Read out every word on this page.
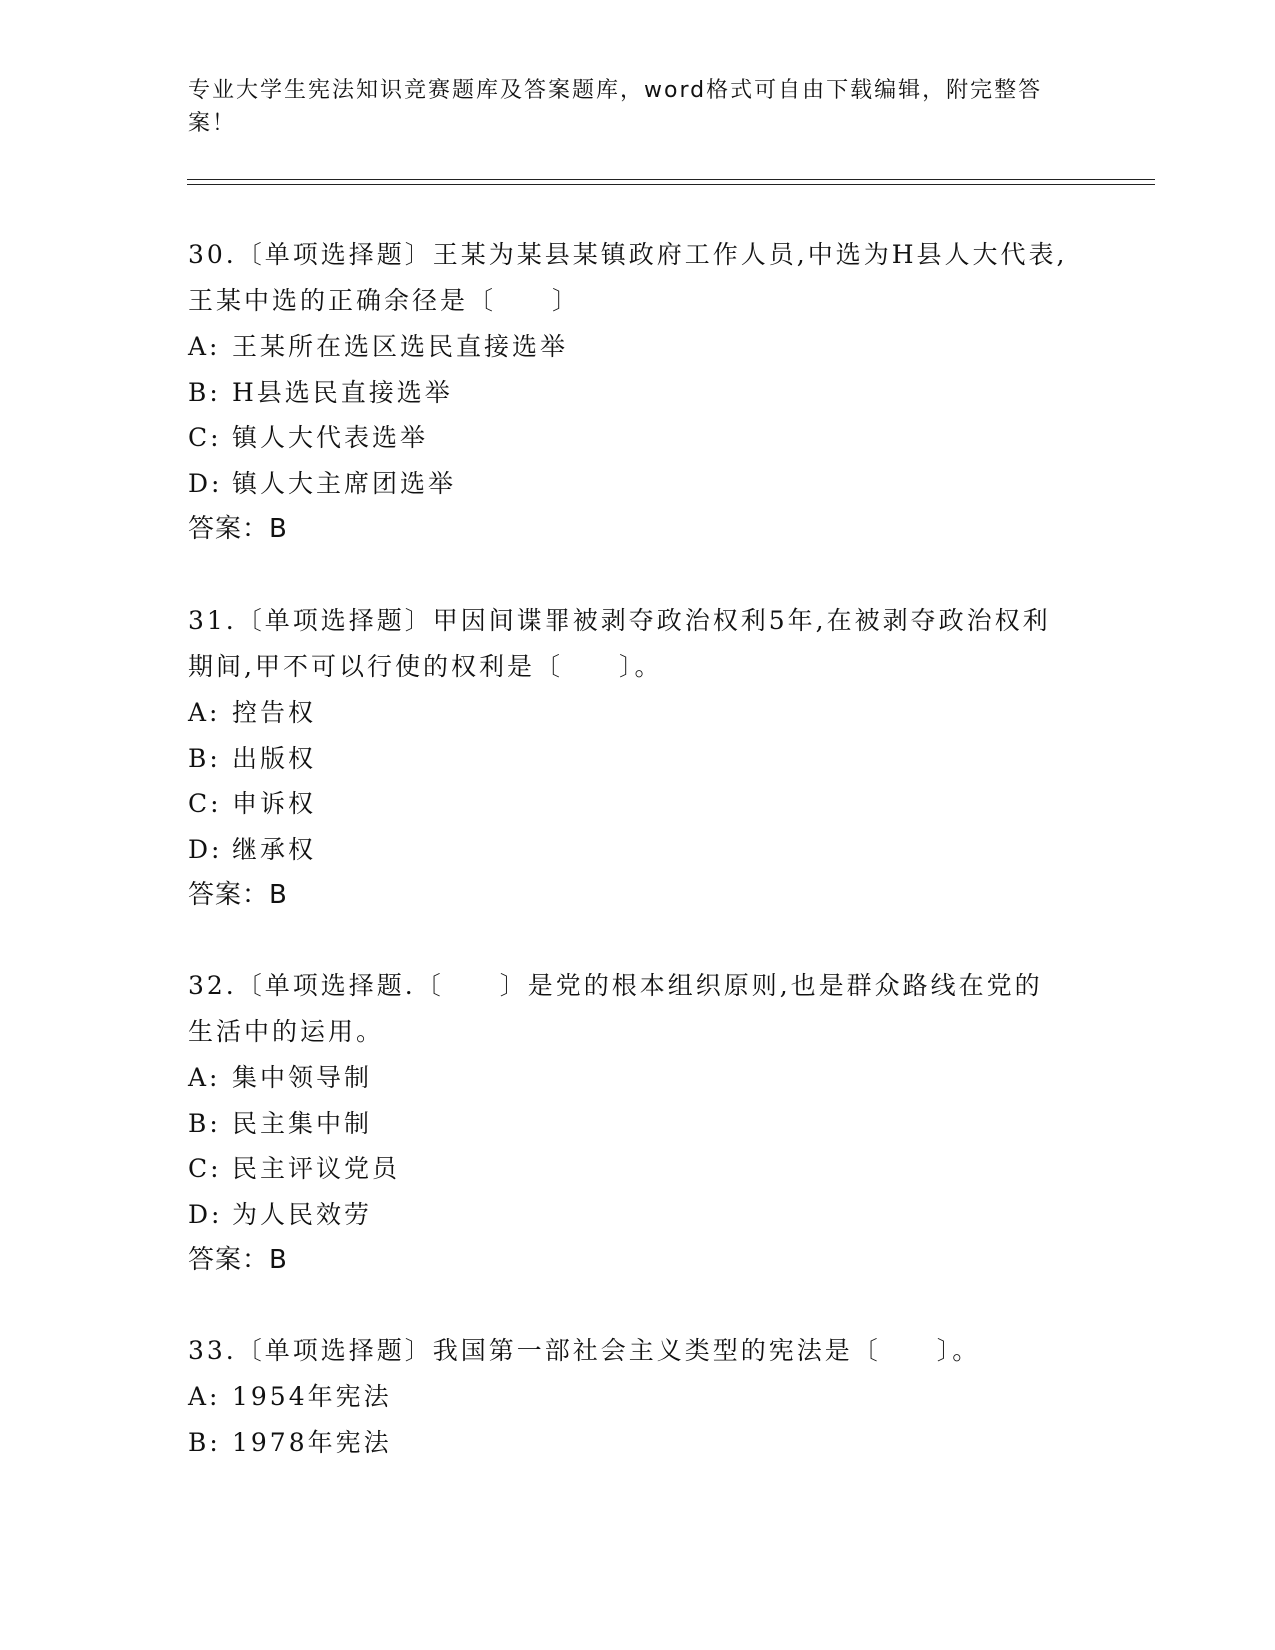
专业大学生宪法知识竞赛题库及答案题库，word格式可自由下载编辑，附完整答案！

30.〔单项选择题〕王某为某县某镇政府工作人员,中选为H县人大代表,王某中选的正确余径是〔　　〕

A: 王某所在选区选民直接选举

B: H县选民直接选举

C: 镇人大代表选举

D: 镇人大主席团选举

答案：B

31.〔单项选择题〕甲因间谍罪被剥夺政治权利5年,在被剥夺政治权利期间,甲不可以行使的权利是〔　　〕。

A: 控告权

B: 出版权

C: 申诉权

D: 继承权

答案：B

32.〔单项选择题.〔　　〕是党的根本组织原则,也是群众路线在党的生活中的运用。

A: 集中领导制

B: 民主集中制

C: 民主评议党员

D: 为人民效劳

答案：B

33.〔单项选择题〕我国第一部社会主义类型的宪法是〔　　〕。

A: 1954年宪法

B: 1978年宪法
